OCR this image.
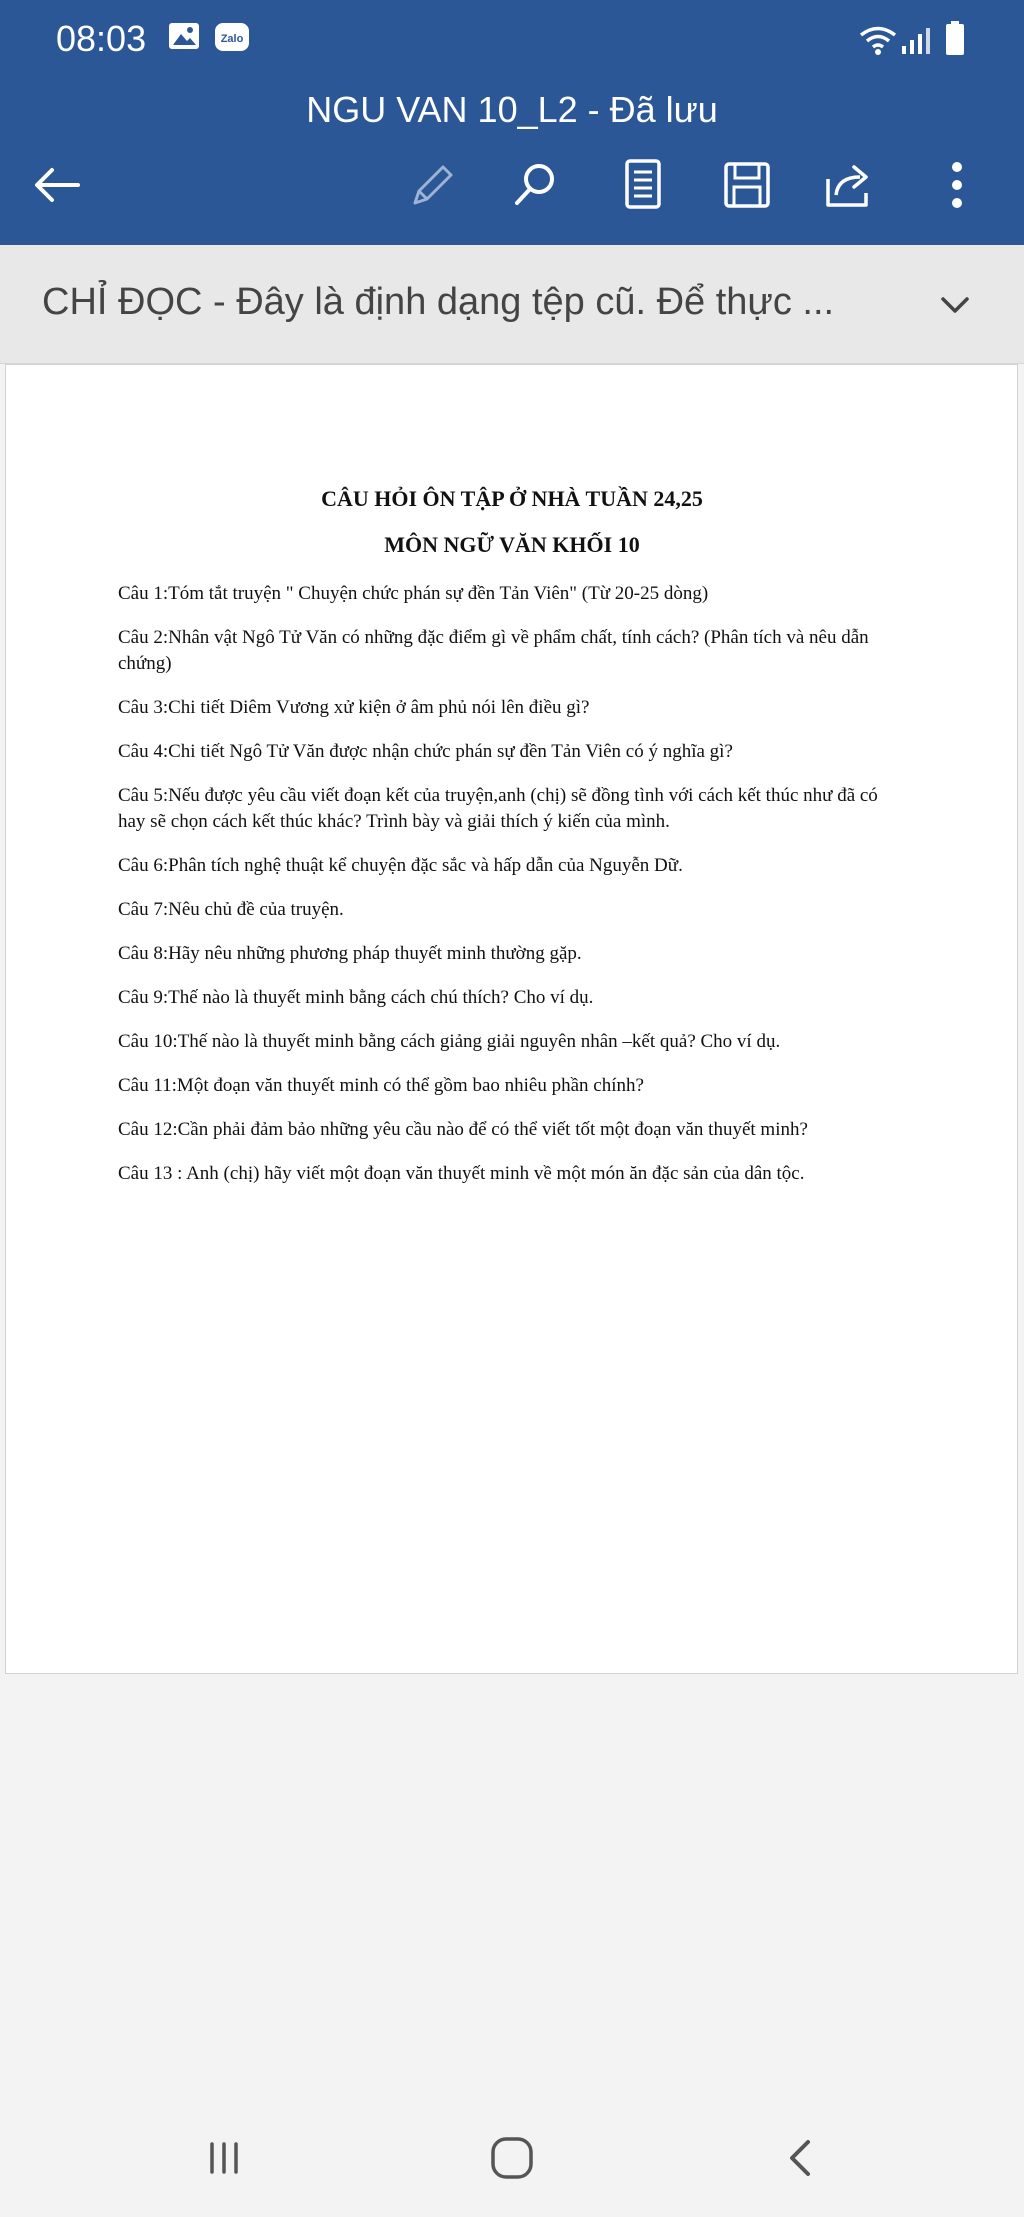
08:03	Zalo
NGU VAN 10_L2 - Đã lưu
CHỈ ĐỌC - Đây là định dạng tệp cũ. Để thực ...
CÂU HỎI ÔN TẬP Ở NHÀ TUẦN 24,25
MÔN NGỮ VĂN KHỐI 10

Câu 1:Tóm tắt truyện " Chuyện chức phán sự đền Tản Viên" (Từ 20-25 dòng)

Câu 2:Nhân vật Ngô Tử Văn có những đặc điểm gì về phẩm chất, tính cách? (Phân tích và nêu dẫn chứng)

Câu 3:Chi tiết Diêm Vương xử kiện ở âm phủ nói lên điều gì?

Câu 4:Chi tiết Ngô Tử Văn được nhận chức phán sự đền Tản Viên có ý nghĩa gì?

Câu 5:Nếu được yêu cầu viết đoạn kết của truyện,anh (chị) sẽ đồng tình với cách kết thúc như đã có hay sẽ chọn cách kết thúc khác? Trình bày và giải thích ý kiến của mình.

Câu 6:Phân tích nghệ thuật kể chuyện đặc sắc và hấp dẫn của Nguyễn Dữ.

Câu 7:Nêu chủ đề của truyện.

Câu 8:Hãy nêu những phương pháp thuyết minh thường gặp.

Câu 9:Thế nào là thuyết minh bằng cách chú thích? Cho ví dụ.

Câu 10:Thế nào là thuyết minh bằng cách giảng giải nguyên nhân –kết quả? Cho ví dụ.

Câu 11:Một đoạn văn thuyết minh có thể gồm bao nhiêu phần chính?

Câu 12:Cần phải đảm bảo những yêu cầu nào để có thể viết tốt một đoạn văn thuyết minh?

Câu 13 : Anh (chị) hãy viết một đoạn văn thuyết minh về một món ăn đặc sản của dân tộc.
